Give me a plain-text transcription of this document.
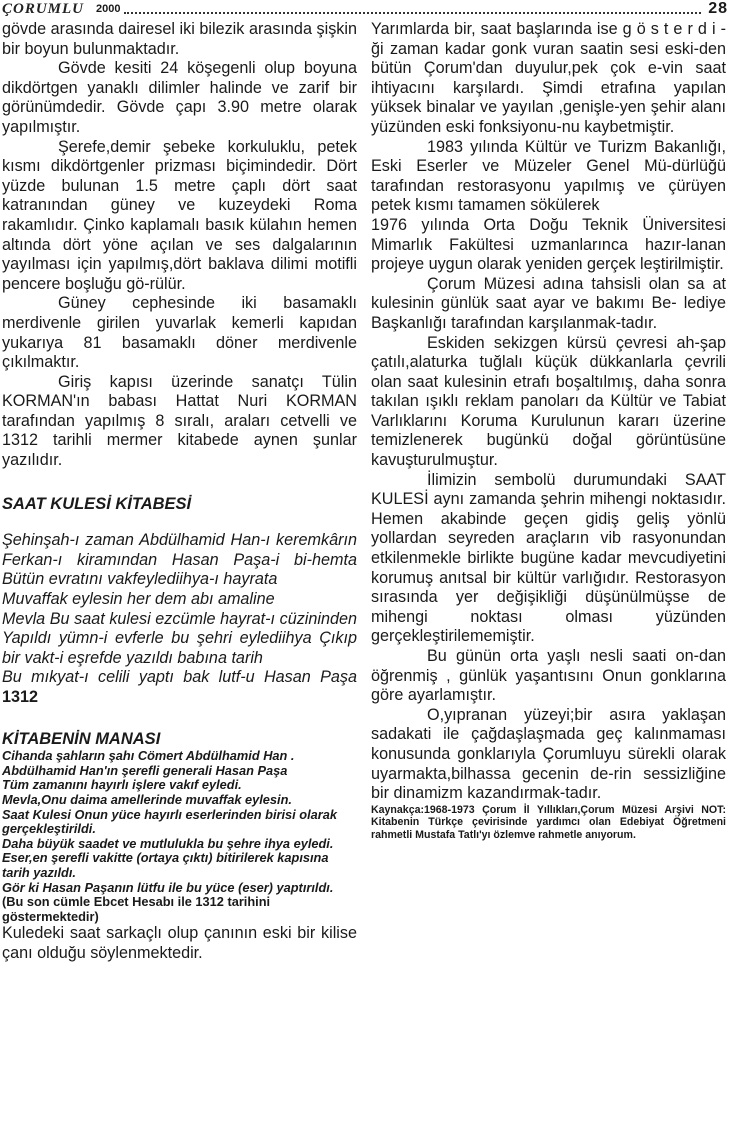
ÇORUMLU 2000	28

gövde arasında dairesel iki bilezik arasında şişkin bir boyun bulunmaktadır.

Gövde kesiti 24 köşegenli olup boyuna dikdörtgen yanaklı dilimler halinde ve zarif bir görünümdedir. Gövde çapı 3.90 metre olarak yapılmıştır.

Şerefe,demir şebeke korkuluklu, petek kısmı dikdörtgenler prizması biçimindedir. Dört yüzde bulunan 1.5 metre çaplı dört saat katranından güney ve kuzeydeki Roma rakamlıdır. Çinko kaplamalı basık külahın hemen altında dört yöne açılan ve ses dalgalarının yayılması için yapılmış,dört baklava dilimi motifli pencere boşluğu gö-rülür.

Güney cephesinde iki basamaklı merdivenle girilen yuvarlak kemerli kapıdan yukarıya 81 basamaklı döner merdivenle çıkılmaktır.

Giriş kapısı üzerinde sanatçı Tülin KORMAN'ın babası Hattat Nuri KORMAN tarafından yapılmış 8 sıralı, araları cetvelli ve 1312 tarihli mermer kitabede aynen şunlar yazılıdır.

SAAT KULESİ KİTABESİ

Şehinşah-ı zaman Abdülhamid Han-ı keremkârın Ferkan-ı kiramından Hasan Paşa-i bi-hemta Bütün evratını vakfeylediihya-ı hayrata

Muvaffak eylesin her dem abı amaline

Mevla Bu saat kulesi ezcümle hayrat-ı cüzininden Yapıldı yümn-i evferle bu şehri eylediihya Çıkıp bir vakt-i eşrefde yazıldı babına tarih

Bu mıkyat-ı celili yaptı bak lutf-u Hasan Paşa 1312

KİTABENİN MANASI

Cihanda şahların şahı Cömert Abdülhamid Han .

Abdülhamid Han'ın şerefli generali Hasan Paşa

Tüm zamanını hayırlı işlere vakıf eyledi.

Mevla,Onu daima amellerinde muvaffak eylesin.

Saat Kulesi Onun yüce hayırlı eserlerinden birisi olarak gerçekleştirildi.

Daha büyük saadet ve mutlulukla bu şehre ihya eyledi.

Eser,en şerefli vakitte (ortaya çıktı) bitirilerek kapısına tarih yazıldı.

Gör ki Hasan Paşanın lütfu ile bu yüce (eser) yaptırıldı.

(Bu son cümle Ebcet Hesabı ile 1312 tarihini göstermektedir)

Kuledeki saat sarkaçlı olup çanının eski bir kilise çanı olduğu söylenmektedir.

Yarımlarda bir, saat başlarında ise g ö s t e r d i - ği zaman kadar gonk vuran saatin sesi eski-den bütün Çorum'dan duyulur,pek çok e-vin saat ihtiyacını karşılardı. Şimdi etrafına yapılan yüksek binalar ve yayılan ,genişle-yen şehir alanı yüzünden eski fonksiyonu-nu kaybetmiştir.

1983 yılında Kültür ve Turizm Bakanlığı, Eski Eserler ve Müzeler Genel Mü-dürlüğü tarafından restorasyonu yapılmış ve çürüyen petek kısmı tamamen sökülerek

1976 yılında Orta Doğu Teknik Üniversitesi Mimarlık Fakültesi uzmanlarınca hazır-lanan projeye uygun olarak yeniden gerçek leştirilmiştir.

Çorum Müzesi adına tahsisli olan sa at kulesinin günlük saat ayar ve bakımı Be- lediye Başkanlığı tarafından karşılanmak-tadır.

Eskiden sekizgen kürsü çevresi ah-şap çatılı,alaturka tuğlalı küçük dükkanlarla çevrili olan saat kulesinin etrafı boşaltılmış, daha sonra takılan ışıklı reklam panoları da Kültür ve Tabiat Varlıklarını Koruma Kurulunun kararı üzerine temizlenerek bugünkü doğal görüntüsüne kavuşturulmuştur.

İlimizin sembolü durumundaki SAAT KULESİ aynı zamanda şehrin mihengi noktasıdır. Hemen akabinde geçen gidiş geliş yönlü yollardan seyreden araçların vib rasyonundan etkilenmekle birlikte bugüne kadar mevcudiyetini korumuş anıtsal bir kültür varlığıdır. Restorasyon sırasında yer değişikliği düşünülmüşse de mihengi noktası olması yüzünden gerçekleştirilememiştir.

Bu günün orta yaşlı nesli saati on-dan öğrenmiş , günlük yaşantısını Onun gonklarına göre ayarlamıştır.

O,yıpranan yüzeyi;bir asıra yaklaşan sadakati ile çağdaşlaşmada geç kalınmaması konusunda gonklarıyla Çorumluyu sürekli olarak uyarmakta,bilhassa gecenin de-rin sessizliğine bir dinamizm kazandırmak-tadır.

Kaynakça:1968-1973 Çorum İl Yıllıkları,Çorum Müzesi Arşivi NOT: Kitabenin Türkçe çevirisinde yardımcı olan Edebiyat Öğretmeni rahmetli Mustafa Tatlı'yı özlemve rahmetle anıyorum.
